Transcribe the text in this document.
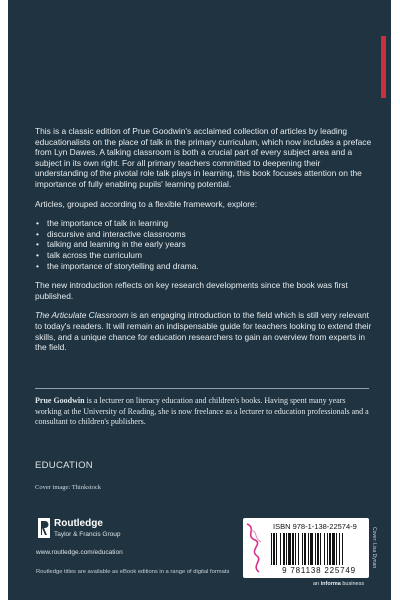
This is a classic edition of Prue Goodwin's acclaimed collection of articles by leading educationalists on the place of talk in the primary curriculum, which now includes a preface from Lyn Dawes. A talking classroom is both a crucial part of every subject area and a subject in its own right. For all primary teachers committed to deepening their understanding of the pivotal role talk plays in learning, this book focuses attention on the importance of fully enabling pupils' learning potential.

Articles, grouped according to a flexible framework, explore:

• the importance of talk in learning
• discursive and interactive classrooms
• talking and learning in the early years
• talk across the curriculum
• the importance of storytelling and drama.

The new introduction reflects on key research developments since the book was first published.

The Articulate Classroom is an engaging introduction to the field which is still very relevant to today's readers. It will remain an indispensable guide for teachers looking to extend their skills, and a unique chance for education researchers to gain an overview from experts in the field.

Prue Goodwin is a lecturer on literacy education and children's books. Having spent many years working at the University of Reading, she is now freelance as a lecturer to education professionals and a consultant to children's publishers.
EDUCATION
Cover image: Thinkstock
Routledge
Taylor & Francis Group
www.routledge.com/education
Routledge titles are available as eBook editions in a range of digital formats
ISBN 978-1-138-22574-9
9 781138 225749
Cover: Lisa Dynan
an informa business
